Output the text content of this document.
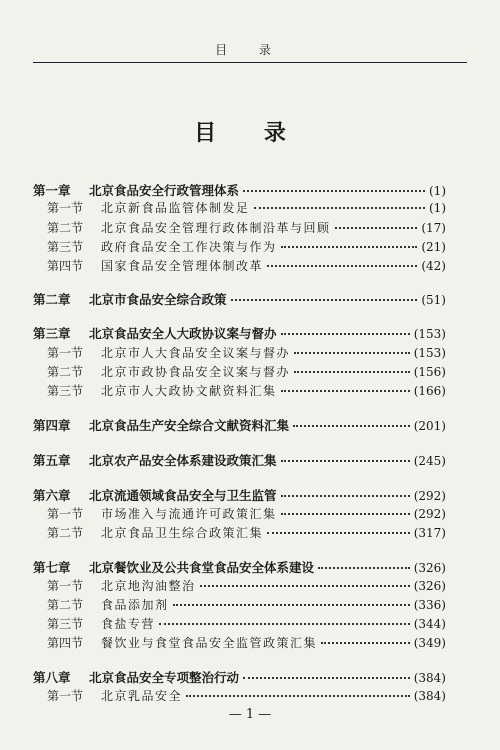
目 录
目 录
第一章	北京食品安全行政管理体系	(1)
第一节	北京新食品监管体制发足	(1)
第二节	北京食品安全管理行政体制沿革与回顾	(17)
第三节	政府食品安全工作决策与作为	(21)
第四节	国家食品安全管理体制改革	(42)
第二章	北京市食品安全综合政策	(51)
第三章	北京食品安全人大政协议案与督办	(153)
第一节	北京市人大食品安全议案与督办	(153)
第二节	北京市政协食品安全议案与督办	(156)
第三节	北京市人大政协文献资料汇集	(166)
第四章	北京食品生产安全综合文献资料汇集	(201)
第五章	北京农产品安全体系建设政策汇集	(245)
第六章	北京流通领域食品安全与卫生监管	(292)
第一节	市场准入与流通许可政策汇集	(292)
第二节	北京食品卫生综合政策汇集	(317)
第七章	北京餐饮业及公共食堂食品安全体系建设	(326)
第一节	北京地沟油整治	(326)
第二节	食品添加剂	(336)
第三节	食盐专营	(344)
第四节	餐饮业与食堂食品安全监管政策汇集	(349)
第八章	北京食品安全专项整治行动	(384)
第一节	北京乳品安全	(384)
— 1 —
